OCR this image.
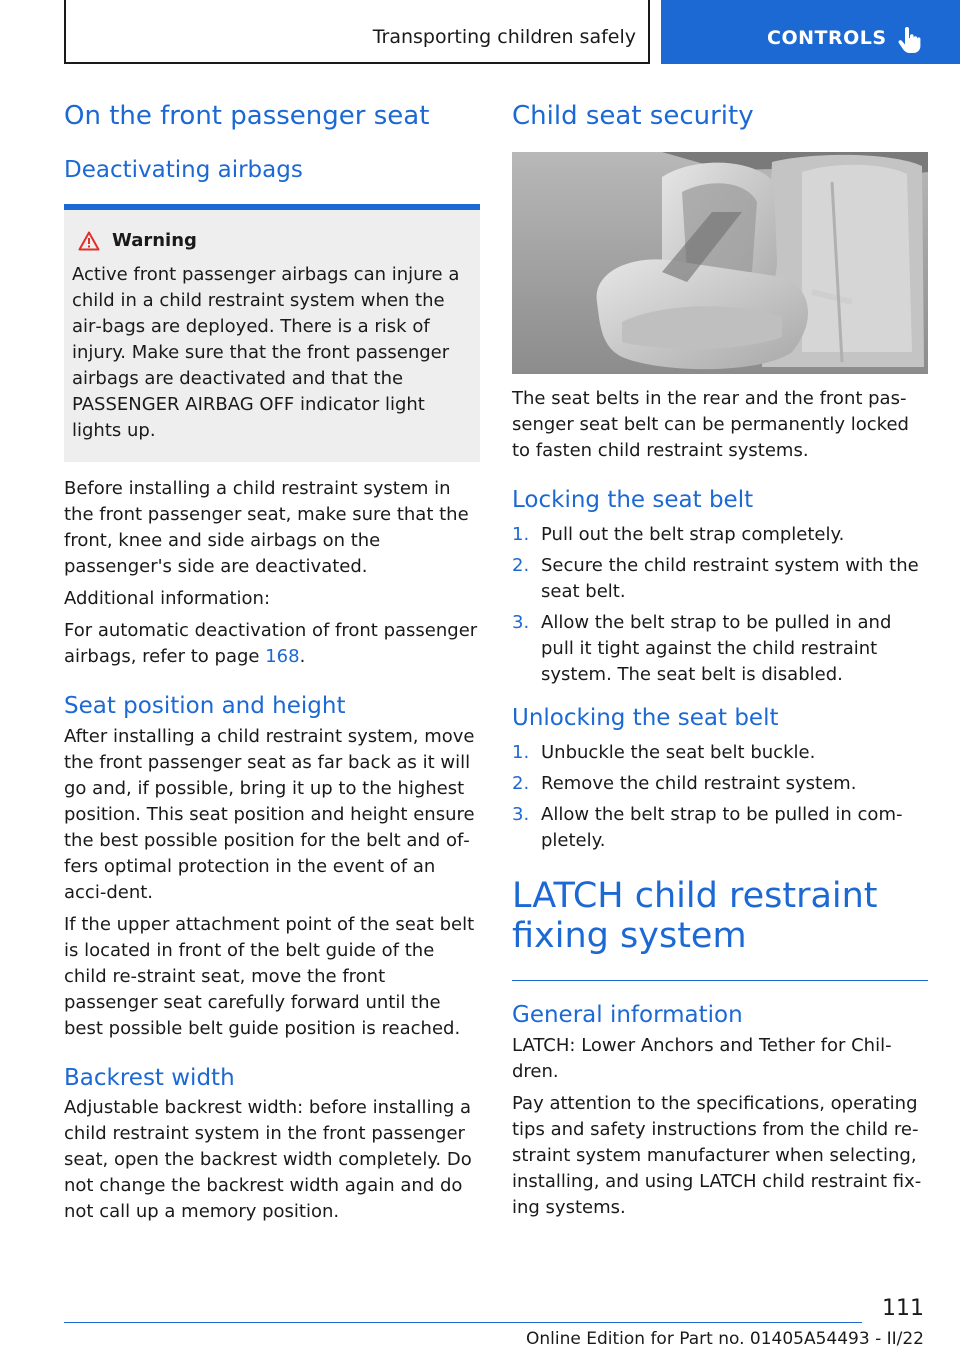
Transporting children safely	CONTROLS
On the front passenger seat
Deactivating airbags
Warning

Active front passenger airbags can injure a child in a child restraint system when the air‐bags are deployed. There is a risk of injury. Make sure that the front passenger airbags are deactivated and that the PASSENGER AIRBAG OFF indicator light lights up.

Before installing a child restraint system in the front passenger seat, make sure that the front, knee and side airbags on the passenger's side are deactivated.

Additional information:

For automatic deactivation of front passenger airbags, refer to page 168.

Seat position and height

After installing a child restraint system, move the front passenger seat as far back as it will go and, if possible, bring it up to the highest position. This seat position and height ensure the best possible position for the belt and of‐fers optimal protection in the event of an acci‐dent.

If the upper attachment point of the seat belt is located in front of the belt guide of the child re‐straint seat, move the front passenger seat carefully forward until the best possible belt guide position is reached.

Backrest width

Adjustable backrest width: before installing a child restraint system in the front passenger seat, open the backrest width completely. Do not change the backrest width again and do not call up a memory position.

Child seat security

The seat belts in the rear and the front pas‐senger seat belt can be permanently locked to fasten child restraint systems.

Locking the seat belt
1. Pull out the belt strap completely.
2. Secure the child restraint system with the seat belt.
3. Allow the belt strap to be pulled in and pull it tight against the child restraint system. The seat belt is disabled.
Unlocking the seat belt
1. Unbuckle the seat belt buckle.
2. Remove the child restraint system.
3. Allow the belt strap to be pulled in com‐pletely.
LATCH child restraint fixing system
General information

LATCH: Lower Anchors and Tether for Chil‐dren.

Pay attention to the specifications, operating tips and safety instructions from the child re‐straint system manufacturer when selecting, installing, and using LATCH child restraint fix‐ing systems.

111
Online Edition for Part no. 01405A54493 - II/22
